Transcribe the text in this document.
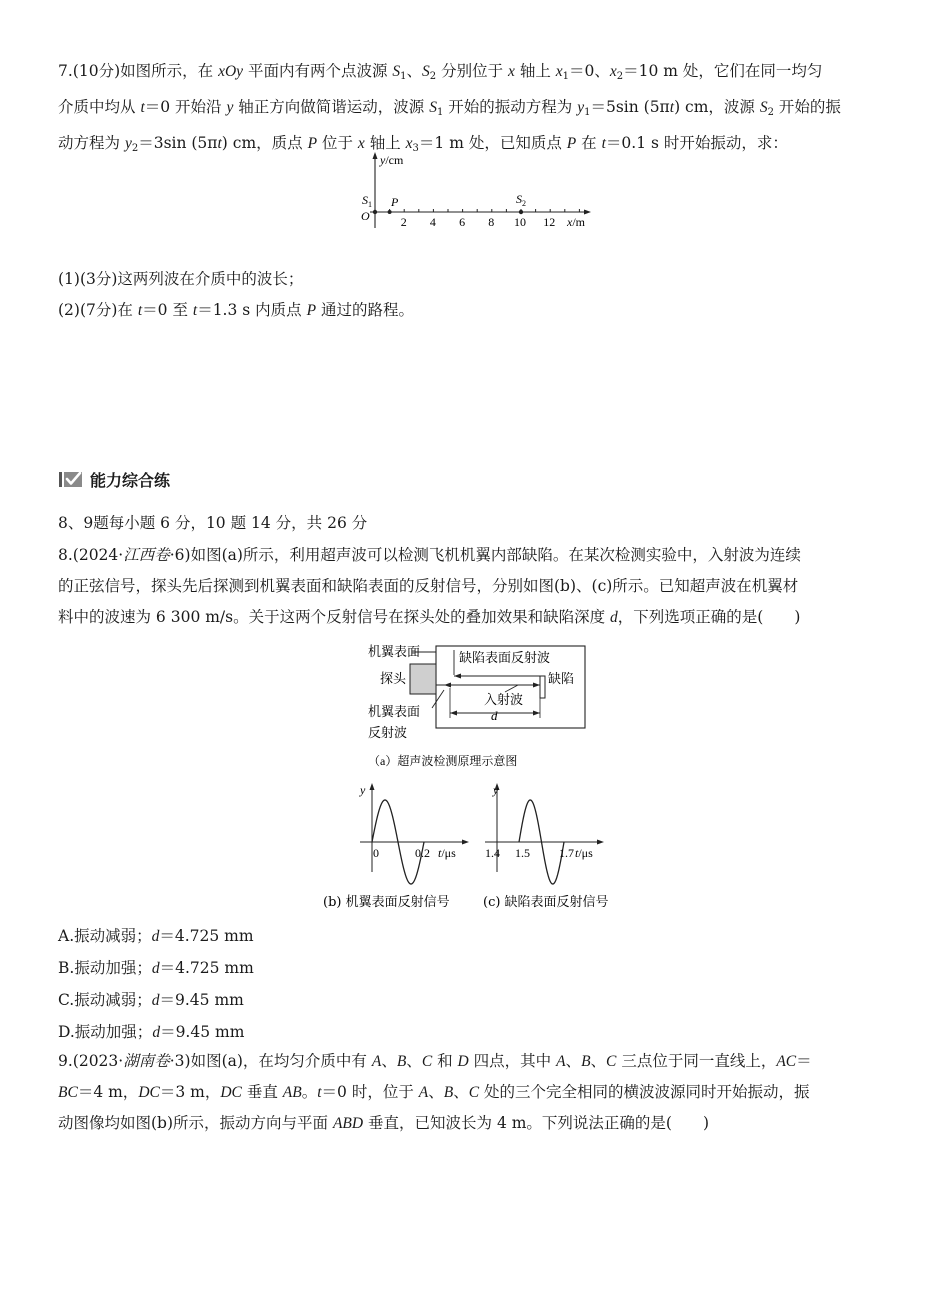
7.(10分)如图所示，在 xOy 平面内有两个点波源 $S_1$、$S_2$ 分别位于 x 轴上 $x_1=0$、$x_2=10$ m 处，它们在同一均匀
介质中均从 t＝0 开始沿 y 轴正方向做简谐运动，波源 $S_1$ 开始的振动方程为 $y_1=5\sin$ (5πt) cm，波源 $S_2$ 开始的振
动方程为 $y_2=3\sin$ (5πt) cm，质点 P 位于 x 轴上 $x_3=1$ m 处，已知质点 P 在 t＝0.1 s 时开始振动，求：
2 4 6 8 10 12
y/cm
$S_1$
O
P	$S_2$
x/m
(1)(3分)这两列波在介质中的波长；
(2)(7分)在 t＝0 至 t＝1.3 s 内质点 P 通过的路程。
能力综合练
8、9题每小题 6 分，10 题 14 分，共 26 分
8.(2024·江西卷·6)如图(a)所示，利用超声波可以检测飞机机翼内部缺陷。在某次检测实验中，入射波为连续
的正弦信号，探头先后探测到机翼表面和缺陷表面的反射信号，分别如图(b)、(c)所示。已知超声波在机翼材
料中的波速为 6 300 m/s。关于这两个反射信号在探头处的叠加效果和缺陷深度 d，下列选项正确的是(　　)
机翼表面
探头
机翼表面
反射波
缺陷表面反射波
缺陷
入射波
（a）超声波检测原理示意图
d
y
0	0.2 t/μs
(b) 机翼表面反射信号
y
1.4 1.5 1.7 t/μs
(c) 缺陷表面反射信号
A.振动减弱；d＝4.725 mm
B.振动加强；d＝4.725 mm
C.振动减弱；d＝9.45 mm
D.振动加强；d＝9.45 mm
9.(2023·湖南卷·3)如图(a)，在均匀介质中有 A、B、C 和 D 四点，其中 A、B、C 三点位于同一直线上，AC＝
BC＝4 m，DC＝3 m，DC 垂直 AB。t＝0 时，位于 A、B、C 处的三个完全相同的横波波源同时开始振动，振
动图像均如图(b)所示，振动方向与平面 ABD 垂直，已知波长为 4 m。下列说法正确的是(　　)
